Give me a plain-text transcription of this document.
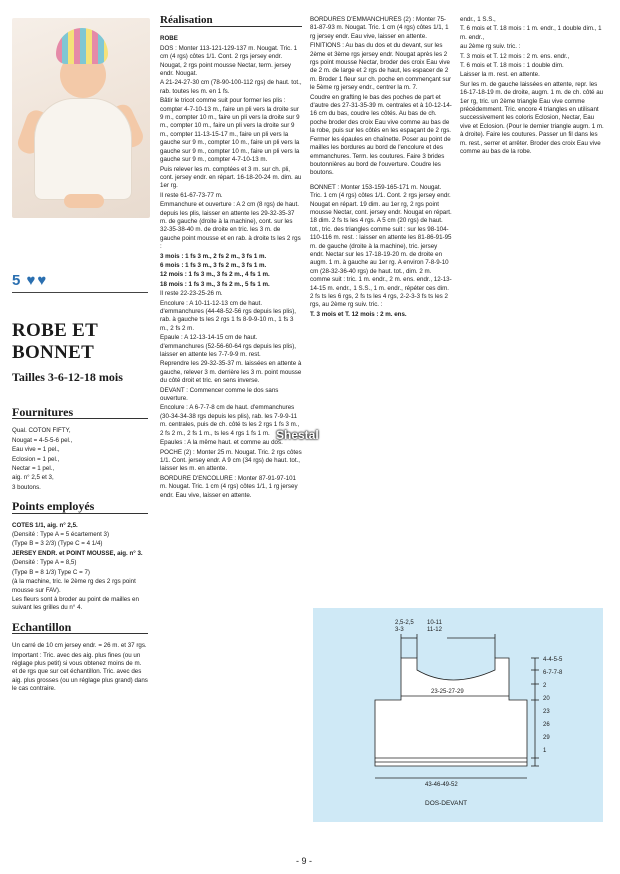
5 ♥ ♥
ROBE ET
BONNET
Tailles 3-6-12-18 mois
Fournitures

Qual. COTON FIFTY,

Nougat = 4-5-5-6 pel.,

Eau vive = 1 pel.,

Eclosion = 1 pel.,

Nectar = 1 pel.,

aig. n° 2,5 et 3,

3 boutons.

Points employés

COTES 1/1, aig. n° 2,5.

(Densité : Type A = 5 écartement 3)

(Type B = 3 2/3) (Type C = 4 1/4)

JERSEY ENDR. et POINT MOUSSE, aig. n° 3.

(Densité : Type A = 8,5)

(Type B = 8 1/3) Type C = 7)

(à la machine, tric. le 2ème rg des 2 rgs point mousse sur FAV).

Les fleurs sont à broder au point de mailles en suivant les grilles du n° 4.

Echantillon

Un carré de 10 cm jersey endr. = 26 m. et 37 rgs.

Important : Tric. avec des aig. plus fines (ou un réglage plus petit) si vous obtenez moins de m. et de rgs que sur cet échantillon. Tric. avec des aig. plus grosses (ou un réglage plus grand) dans le cas contraire.

Réalisation

ROBE

DOS : Monter 113-121-129-137 m. Nougat. Tric. 1 cm (4 rgs) côtes 1/1. Cont. 2 rgs jersey endr. Nougat, 2 rgs point mousse Nectar, term. jersey endr. Nougat.

A 21-24-27-30 cm (78-90-100-112 rgs) de haut. tot., rab. toutes les m. en 1 fs.

Bâtir le tricot comme suit pour former les plis : compter 4-7-10-13 m., faire un pli vers la droite sur 9 m., compter 10 m., faire un pli vers la droite sur 9 m., compter 10 m., faire un pli vers la droite sur 9 m., compter 11-13-15-17 m., faire un pli vers la gauche sur 9 m., compter 10 m., faire un pli vers la gauche sur 9 m., compter 10 m., faire un pli vers la gauche sur 9 m., compter 4-7-10-13 m.

Puis relever les m. comptées et 3 m. sur ch. pli, cont. jersey endr. en répart. 16-18-20-24 m. dim. au 1er rg.

Il reste 61-67-73-77 m.

Emmanchure et ouverture : A 2 cm (8 rgs) de haut. depuis les plis, laisser en attente les 29-32-35-37 m. de gauche (droite à la machine), cont. sur les 32-35-38-40 m. de droite en tric. les 3 m. de gauche point mousse et en rab. à droite ts les 2 rgs :

3 mois : 1 fs 3 m., 2 fs 2 m., 3 fs 1 m.

6 mois : 1 fs 3 m., 3 fs 2 m., 3 fs 1 m.

12 mois : 1 fs 3 m., 3 fs 2 m., 4 fs 1 m.

18 mois : 1 fs 3 m., 3 fs 2 m., 5 fs 1 m.

Il reste 22-23-25-26 m.

Encolure : A 10-11-12-13 cm de haut. d'emmanchures (44-48-52-56 rgs depuis les plis), rab. à gauche ts les 2 rgs 1 fs 8-9-9-10 m., 1 fs 3 m., 2 fs 2 m.

Epaule : A 12-13-14-15 cm de haut. d'emmanchures (52-56-60-64 rgs depuis les plis), laisser en attente les 7-7-9-9 m. rest.

Reprendre les 29-32-35-37 m. laissées en attente à gauche, relever 3 m. derrière les 3 m. point mousse du côté droit et tric. en sens inverse.

DEVANT : Commencer comme le dos sans ouverture.

Encolure : A 6-7-7-8 cm de haut. d'emmanchures (30-34-34-38 rgs depuis les plis), rab. les 7-9-9-11 m. centrales, puis de ch. côté ts les 2 rgs 1 fs 3 m., 2 fs 2 m., 2 fs 1 m., ts les 4 rgs 1 fs 1 m.

Epaules : A la même haut. et comme au dos.

POCHE (2) : Monter 25 m. Nougat. Tric. 2 rgs côtes 1/1. Cont. jersey endr. A 9 cm (34 rgs) de haut. tot., laisser les m. en attente.

BORDURE D'ENCOLURE : Monter 87-91-97-101 m. Nougat. Tric. 1 cm (4 rgs) côtes 1/1, 1 rg jersey endr. Eau vive, laisser en attente.

BORDURES D'EMMANCHURES (2) : Monter 75-81-87-93 m. Nougat. Tric. 1 cm (4 rgs) côtes 1/1, 1 rg jersey endr. Eau vive, laisser en attente.

FINITIONS : Au bas du dos et du devant, sur les 2ème et 3ème rgs jersey endr. Nougat après les 2 rgs point mousse Nectar, broder des croix Eau vive de 2 m. de large et 2 rgs de haut, les espacer de 2 m. Broder 1 fleur sur ch. poche en commençant sur le 5ème rg jersey endr., centrer la m. 7.

Coudre en grafting le bas des poches de part et d'autre des 27-31-35-39 m. centrales et à 10-12-14-16 cm du bas, coudre les côtés. Au bas de ch. poche broder des croix Eau vive comme au bas de la robe, puis sur les côtés en les espaçant de 2 rgs. Fermer les épaules en chaînette. Poser au point de mailles les bordures au bord de l'encolure et des emmanchures. Term. les coutures. Faire 3 brides boutonnières au bord de l'ouverture. Coudre les boutons.

BONNET : Monter 153-159-165-171 m. Nougat. Tric. 1 cm (4 rgs) côtes 1/1. Cont. 2 rgs jersey endr. Nougat en répart. 19 dim. au 1er rg, 2 rgs point mousse Nectar, cont. jersey endr. Nougat en répart. 18 dim. 2 fs ts les 4 rgs. A 5 cm (20 rgs) de haut. tot., tric. des triangles comme suit : sur les 98-104-110-116 m. rest. : laisser en attente les 81-86-91-95 m. de gauche (droite à la machine), tric. jersey endr. Nectar sur les 17-18-19-20 m. de droite en augm. 1 m. à gauche au 1er rg. A environ 7-8-9-10 cm (28-32-36-40 rgs) de haut. tot., dim. 2 m. comme suit : tric. 1 m. endr., 2 m. ens. endr., 12-13-14-15 m. endr., 1 S.S., 1 m. endr., répéter ces dim. 2 fs ts les 6 rgs, 2 fs ts les 4 rgs, 2-2-3-3 fs ts les 2 rgs, au 2ème rg suiv. tric. :

T. 3 mois et T. 12 mois : 2 m. ens.

endr., 1 S.S.,

T. 6 mois et T. 18 mois : 1 m. endr., 1 double dim., 1 m. endr.,

au 2ème rg suiv. tric. :

T. 3 mois et T. 12 mois : 2 m. ens. endr.,

T. 6 mois et T. 18 mois : 1 double dim.

Laisser la m. rest. en attente.

Sur les m. de gauche laissées en attente, repr. les 16-17-18-19 m. de droite, augm. 1 m. de ch. côté au 1er rg, tric. un 2ème triangle Eau vive comme précédemment. Tric. encore 4 triangles en utilisant successivement les coloris Eclosion, Nectar, Eau vive et Eclosion. (Pour le dernier triangle augm. 1 m. à droite). Faire les coutures. Passer un fil dans les m. rest., serrer et arrêter. Broder des croix Eau vive comme au bas de la robe.

Shestal
2,5-2,5
3-3
10-11
11-12
4-4-5-5
6-7-7-8
2
20
23
26
29
1
23-25-27-29
43-46-49-52
DOS-DEVANT
- 9 -
